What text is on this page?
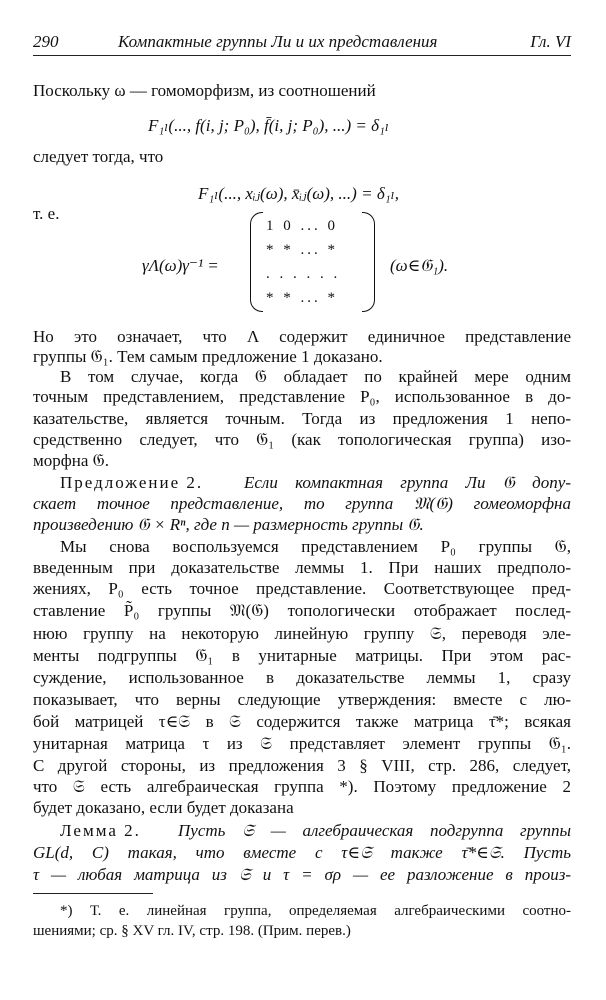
290	Компактные группы Ли и их представления	Гл. VI
Поскольку ω — гомоморфизм, из соотношений
F₁ₗ(..., f(i, j; P₀), f̄(i, j; P₀), ...) = δ₁ₗ
следует тогда, что
F₁ₗ(..., xᵢⱼ(ω), x̄ᵢⱼ(ω), ...) = δ₁ₗ,
т. е.
γΛ(ω)γ⁻¹ =
1 0 ... 0
* * ... *
. . . . . .
* * ... *
(ω∈𝔊₁).
Но это означает, что Λ содержит единичное представление
группы 𝔊₁. Тем самым предложение 1 доказано.
В том случае, когда 𝔊 обладает по крайней мере одним
точным представлением, представление P₀, использованное в до-
казательстве, является точным. Тогда из предложения 1 непо-
средственно следует, что 𝔊₁ (как топологическая группа) изо-
морфна 𝔊.
Предложение 2. Если компактная группа Ли 𝔊 допу-
скает точное представление, то группа 𝔐(𝔊) гомеоморфна
произведению 𝔊 × Rⁿ, где n — размерность группы 𝔊.
Мы снова воспользуемся представлением P₀ группы 𝔊,
введенным при доказательстве леммы 1. При наших предполо-
жениях, P₀ есть точное представление. Соответствующее пред-
ставление P̃₀ группы 𝔐(𝔊) топологически отображает послед-
нюю группу на некоторую линейную группу 𝔖, переводя эле-
менты подгруппы 𝔊₁ в унитарные матрицы. При этом рас-
суждение, использованное в доказательстве леммы 1, сразу
показывает, что верны следующие утверждения: вместе с лю-
бой матрицей τ∈𝔖 в 𝔖 содержится также матрица τ̄*; всякая
унитарная матрица τ из 𝔖 представляет элемент группы 𝔊₁.
С другой стороны, из предложения 3 § VIII, стр. 286, следует,
что 𝔖 есть алгебраическая группа *). Поэтому предложение 2
будет доказано, если будет доказана
Лемма 2. Пусть 𝔖 — алгебраическая подгруппа группы
GL(d, C) такая, что вместе с τ∈𝔖 также τ̄*∈𝔖. Пусть
τ — любая матрица из 𝔖 и τ = σρ — ее разложение в произ-
*) Т. е. линейная группа, определяемая алгебраическими соотно-
шениями; ср. § XV гл. IV, стр. 198. (Прим. перев.)
